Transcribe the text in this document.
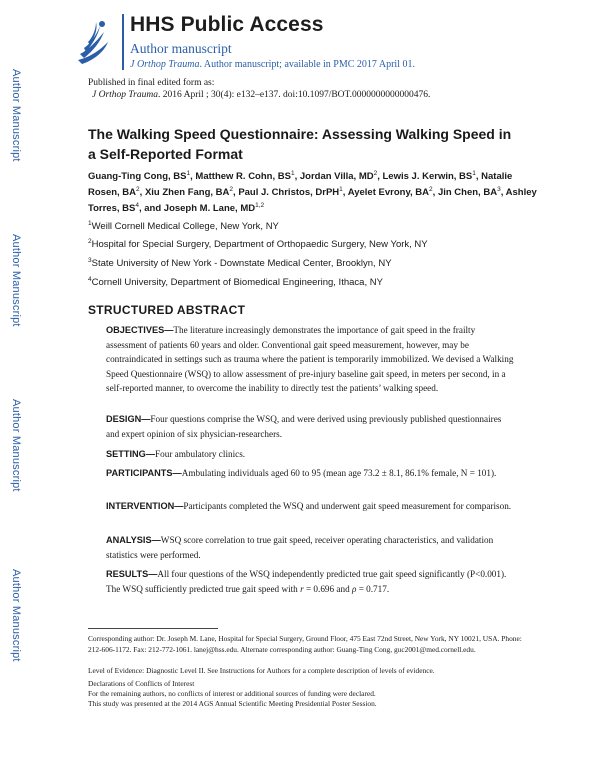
HHS Public Access
Author manuscript
J Orthop Trauma. Author manuscript; available in PMC 2017 April 01.
Author Manuscript
Author Manuscript
Author Manuscript
Author Manuscript
Published in final edited form as:
J Orthop Trauma. 2016 April ; 30(4): e132–e137. doi:10.1097/BOT.0000000000000476.
The Walking Speed Questionnaire: Assessing Walking Speed in
a Self-Reported Format
Guang-Ting Cong, $BS^1$, Matthew R. Cohn, $BS^1$, Jordan Villa, $MD^2$, Lewis J. Kerwin, $BS^1$, Natalie Rosen, $BA^2$, Xiu Zhen Fang, $BA^2$, Paul J. Christos, DrPH$^1$, Ayelet Evrony, $BA^2$, Jin Chen, $BA^3$, Ashley Torres, $BS^4$, and Joseph M. Lane, MD$^{1,2}$
$^1$Weill Cornell Medical College, New York, NY
$^2$Hospital for Special Surgery, Department of Orthopaedic Surgery, New York, NY
$^3$State University of New York - Downstate Medical Center, Brooklyn, NY
$^4$Cornell University, Department of Biomedical Engineering, Ithaca, NY
STRUCTURED ABSTRACT
OBJECTIVES—The literature increasingly demonstrates the importance of gait speed in the frailty assessment of patients 60 years and older. Conventional gait speed measurement, however, may be contraindicated in settings such as trauma where the patient is temporarily immobilized. We devised a Walking Speed Questionnaire (WSQ) to allow assessment of pre-injury baseline gait speed, in meters per second, in a self-reported manner, to overcome the inability to directly test the patients’ walking speed.
DESIGN—Four questions comprise the WSQ, and were derived using previously published questionnaires and expert opinion of six physician-researchers.
SETTING—Four ambulatory clinics.
PARTICIPANTS—Ambulating individuals aged 60 to 95 (mean age 73.2 ± 8.1, 86.1% female, N = 101).
INTERVENTION—Participants completed the WSQ and underwent gait speed measurement for comparison.
ANALYSIS—WSQ score correlation to true gait speed, receiver operating characteristics, and validation statistics were performed.
RESULTS—All four questions of the WSQ independently predicted true gait speed significantly (P<0.001). The WSQ sufficiently predicted true gait speed with r = 0.696 and ρ = 0.717.
Corresponding author: Dr. Joseph M. Lane, Hospital for Special Surgery, Ground Floor, 475 East 72nd Street, New York, NY 10021, USA. Phone: 212-606-1172. Fax: 212-772-1061. lanej@hss.edu. Alternate corresponding author: Guang-Ting Cong, guc2001@med.cornell.edu.
Level of Evidence: Diagnostic Level II. See Instructions for Authors for a complete description of levels of evidence.
Declarations of Conflicts of Interest
For the remaining authors, no conflicts of interest or additional sources of funding were declared.
This study was presented at the 2014 AGS Annual Scientific Meeting Presidential Poster Session.
